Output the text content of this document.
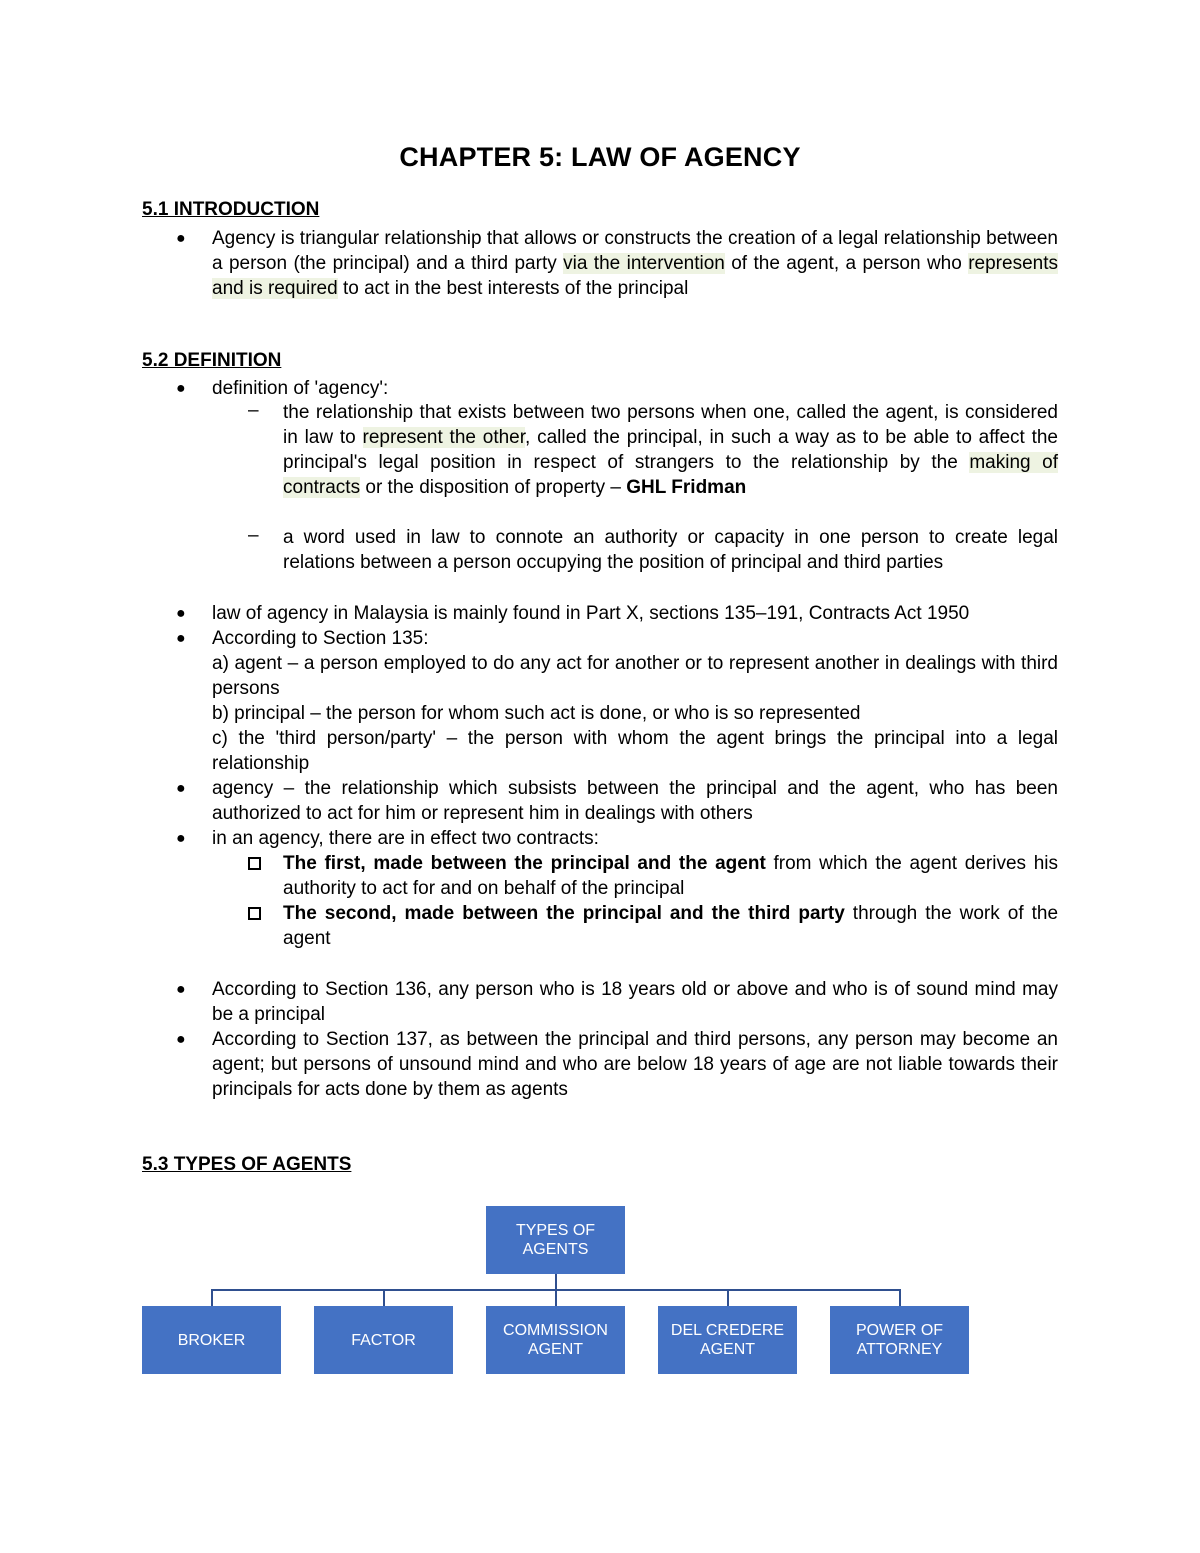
CHAPTER 5: LAW OF AGENCY
5.1 INTRODUCTION
● Agency is triangular relationship that allows or constructs the creation of a legal relationship between a person (the principal) and a third party via the intervention of the agent, a person who represents and is required to act in the best interests of the principal
5.2 DEFINITION
● definition of 'agency':
– the relationship that exists between two persons when one, called the agent, is considered in law to represent the other, called the principal, in such a way as to be able to affect the principal's legal position in respect of strangers to the relationship by the making of contracts or the disposition of property – GHL Fridman
– a word used in law to connote an authority or capacity in one person to create legal relations between a person occupying the position of principal and third parties
● law of agency in Malaysia is mainly found in Part X, sections 135–191, Contracts Act 1950
● According to Section 135:
a) agent – a person employed to do any act for another or to represent another in dealings with third persons
b) principal – the person for whom such act is done, or who is so represented
c) the 'third person/party' – the person with whom the agent brings the principal into a legal relationship
● agency – the relationship which subsists between the principal and the agent, who has been authorized to act for him or represent him in dealings with others
● in an agency, there are in effect two contracts:
The first, made between the principal and the agent from which the agent derives his authority to act for and on behalf of the principal
The second, made between the principal and the third party through the work of the agent
● According to Section 136, any person who is 18 years old or above and who is of sound mind may be a principal
● According to Section 137, as between the principal and third persons, any person may become an agent; but persons of unsound mind and who are below 18 years of age are not liable towards their principals for acts done by them as agents
5.3 TYPES OF AGENTS
TYPES OF AGENTS
BROKER	FACTOR
COMMISSION AGENT
DEL CREDERE AGENT
POWER OF ATTORNEY
